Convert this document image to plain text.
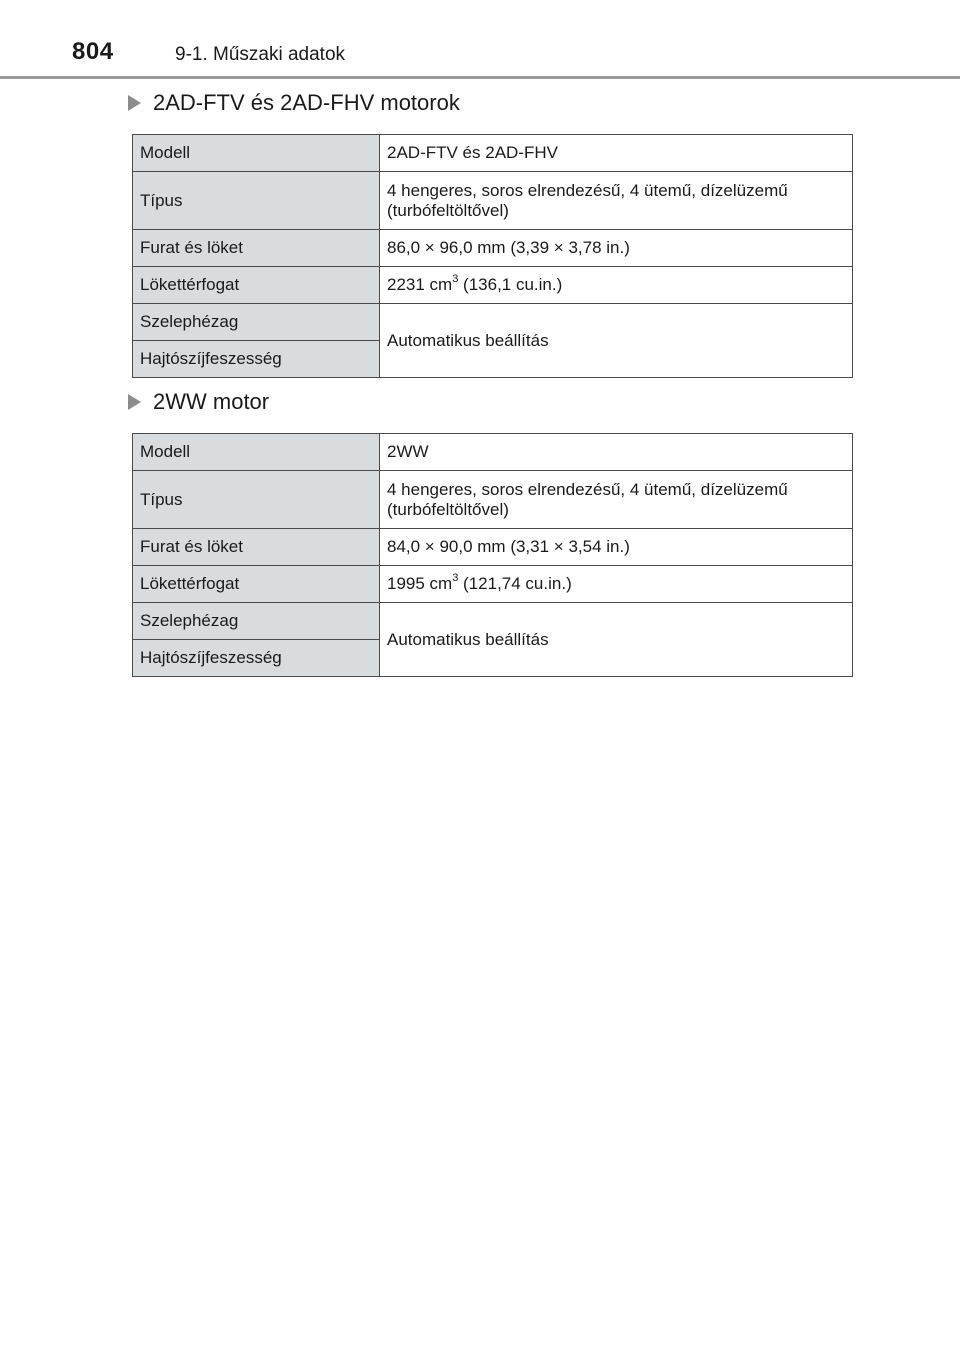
804	9-1. Műszaki adatok
2AD-FTV és 2AD-FHV motorok
Modell	2AD-FTV és 2AD-FHV
Típus	4 hengeres, soros elrendezésű, 4 ütemű, dízelüzemű (turbófeltöltővel)
Furat és löket	86,0 × 96,0 mm (3,39 × 3,78 in.)
Lökettérfogat	2231 $cm^3$ (136,1 cu.in.)
Szelephézag	Automatikus beállítás
Hajtószíjfeszesség	
2WW motor
Modell	2WW
Típus	4 hengeres, soros elrendezésű, 4 ütemű, dízelüzemű (turbófeltöltővel)
Furat és löket	84,0 × 90,0 mm (3,31 × 3,54 in.)
Lökettérfogat	1995 $cm^3$ (121,74 cu.in.)
Szelephézag	Automatikus beállítás
Hajtószíjfeszesség	
